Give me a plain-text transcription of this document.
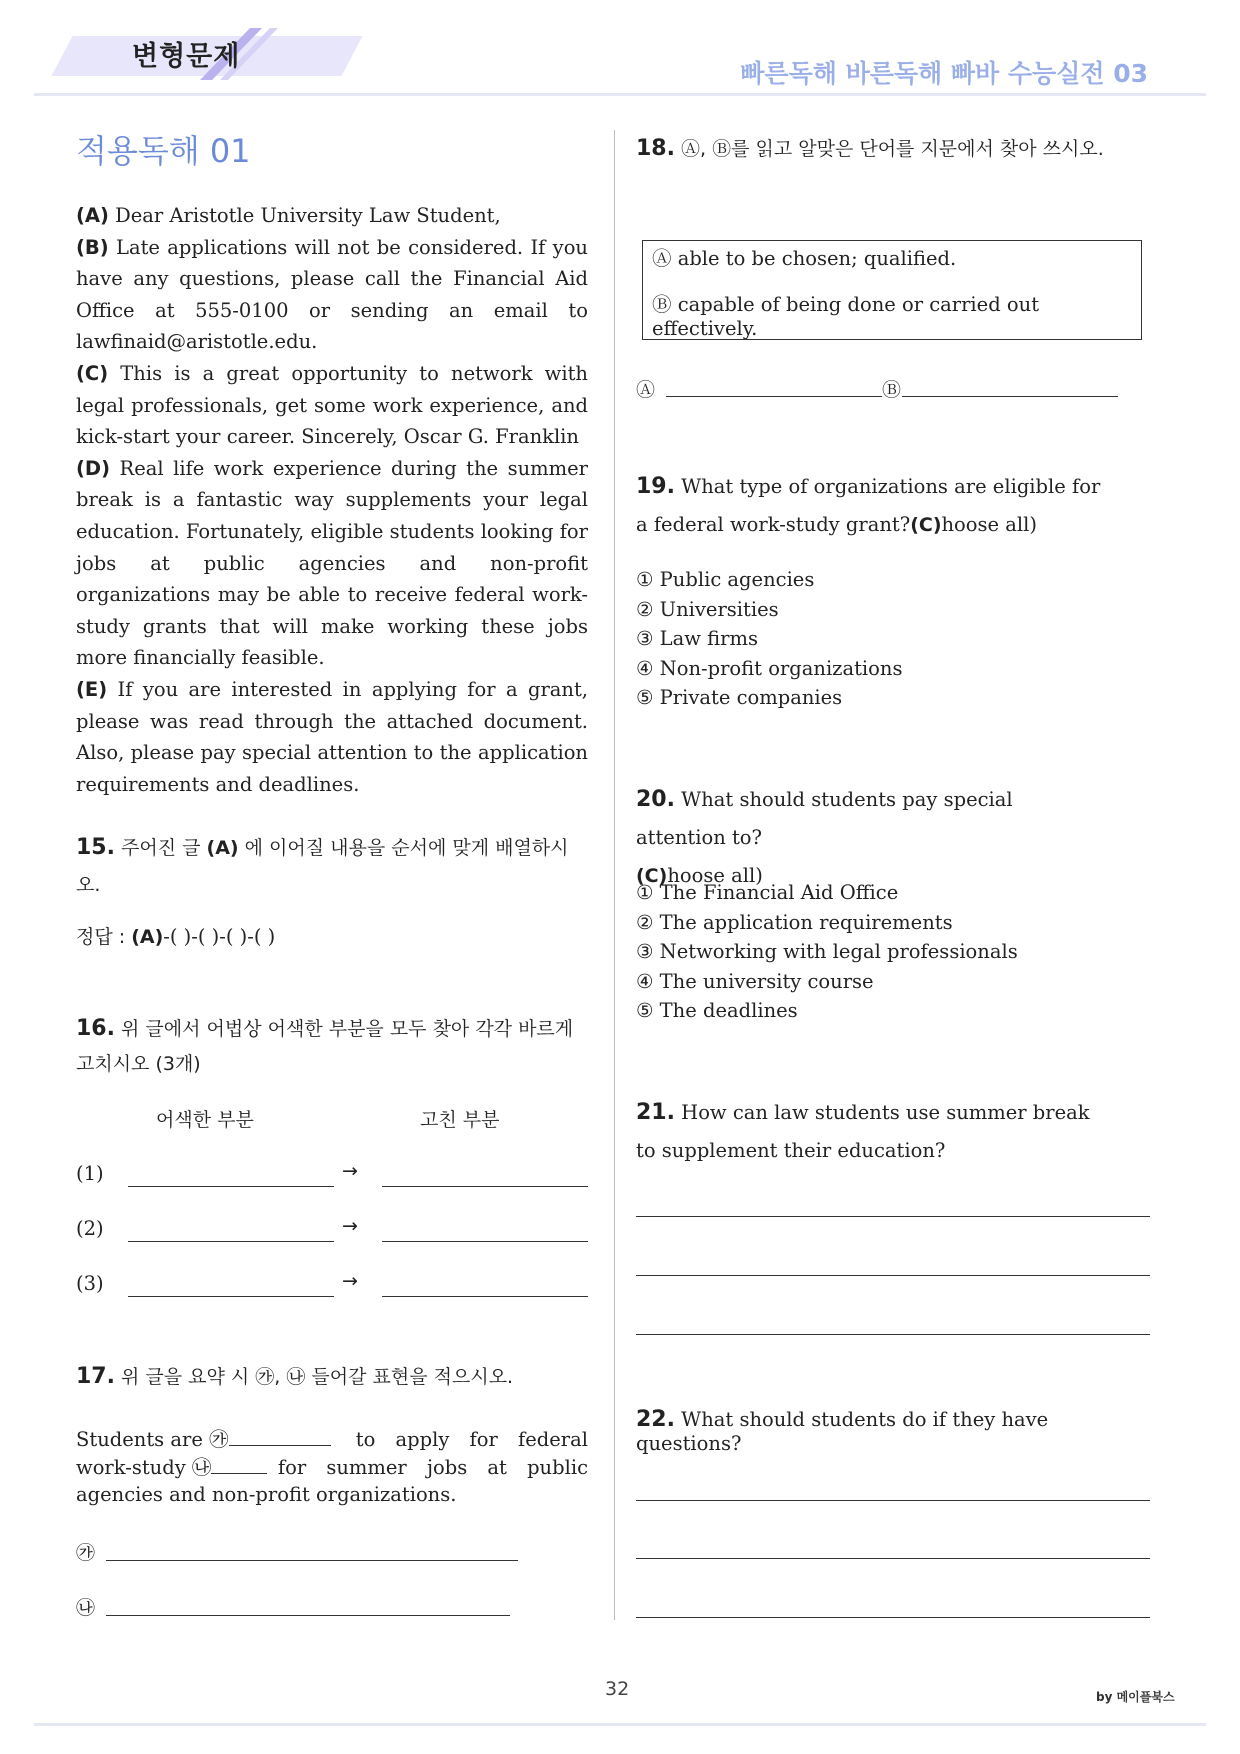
변형문제
빠른독해 바른독해 빠바 수능실전 03
적용독해 01
(A) Dear Aristotle University Law Student,
(B) Late applications will not be considered. If you have any questions, please call the Financial Aid Office at 555-0100 or sending an email to lawfinaid@aristotle.edu.
(C) This is a great opportunity to network with legal professionals, get some work experience, and kick-start your career. Sincerely, Oscar G. Franklin
(D) Real life work experience during the summer break is a fantastic way supplements your legal education. Fortunately, eligible students looking for jobs at public agencies and non-profit organizations may be able to receive federal work-study grants that will make working these jobs more financially feasible.
(E) If you are interested in applying for a grant, please was read through the attached document. Also, please pay special attention to the application requirements and deadlines.
15. 주어진 글 (A) 에 이어질 내용을 순서에 맞게 배열하시오.
정답 : (A)-( )-( )-( )-( )
16. 위 글에서 어법상 어색한 부분을 모두 찾아 각각 바르게 고치시오 (3개)
어색한 부분	고친 부분
(1)	→
(2)	→
(3)	→
17. 위 글을 요약 시 ㉮, ㉯ 들어갈 표현을 적으시오.
Students are ㉮	to apply for federal
work-study ㉯	for summer jobs at public
agencies and non-profit organizations.
㉮
㉯
18. Ⓐ, Ⓑ를 읽고 알맞은 단어를 지문에서 찾아 쓰시오.
Ⓐ able to be chosen; qualified.
Ⓑ capable of being done or carried out effectively.
Ⓐ	Ⓑ
19. What type of organizations are eligible for a federal work-study grant?(C)hoose all)
① Public agencies
② Universities
③ Law firms
④ Non-profit organizations
⑤ Private companies
20. What should students pay special attention to?
(C)hoose all)
① The Financial Aid Office
② The application requirements
③ Networking with legal professionals
④ The university course
⑤ The deadlines
21. How can law students use summer break to supplement their education?
22. What should students do if they have questions?
32	by 메이플북스
